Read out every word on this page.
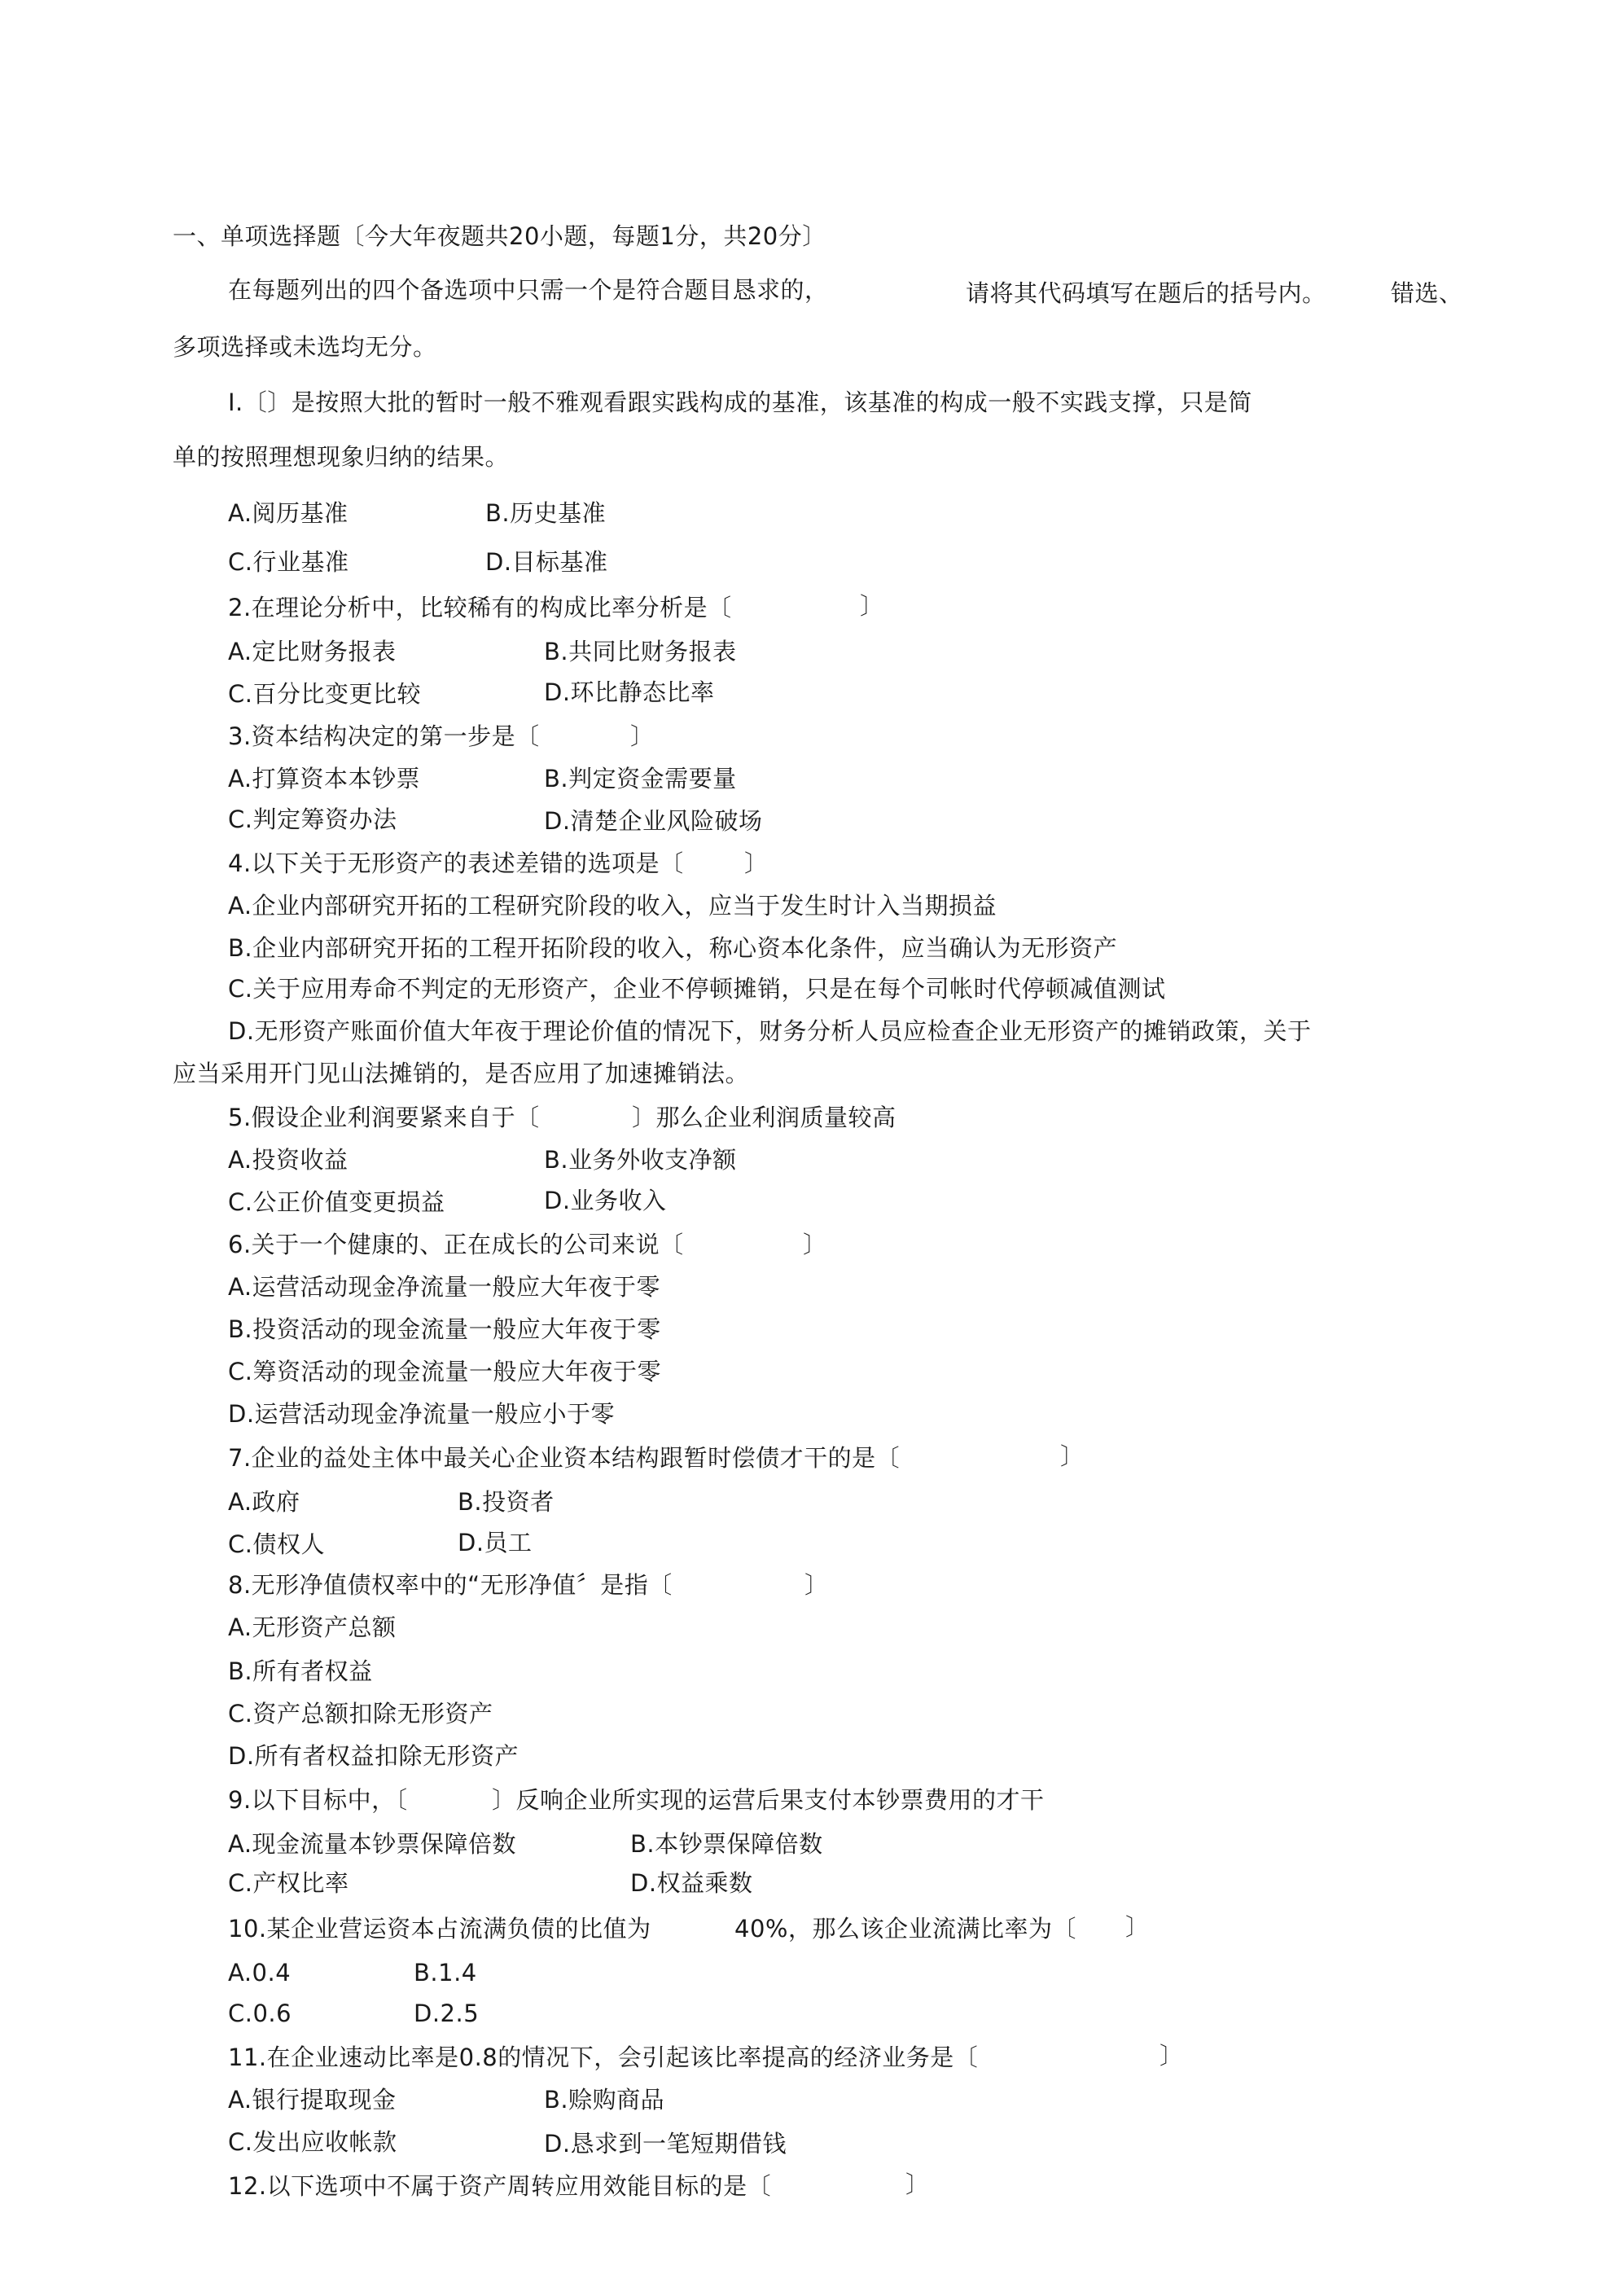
一、单项选择题〔今大年夜题共20小题，每题1分，共20分〕
在每题列出的四个备选项中只需一个是符合题目恳求的，	请将其代码填写在题后的括号内。	错选、
多项选择或未选均无分。
I.〔〕是按照大批的暂时一般不雅观看跟实践构成的基准，该基准的构成一般不实践支撑，只是简
单的按照理想现象归纳的结果。
A.阅历基准	B.历史基准
C.行业基准	D.目标基准
2.在理论分析中，比较稀有的构成比率分析是〔	〕
A.定比财务报表	B.共同比财务报表
C.百分比变更比较	D.环比静态比率
3.资本结构决定的第一步是〔	〕
A.打算资本本钞票	B.判定资金需要量
C.判定筹资办法	D.清楚企业风险破场
4.以下关于无形资产的表述差错的选项是〔	〕
A.企业内部研究开拓的工程研究阶段的收入，应当于发生时计入当期损益
B.企业内部研究开拓的工程开拓阶段的收入，称心资本化条件，应当确认为无形资产
C.关于应用寿命不判定的无形资产，企业不停顿摊销，只是在每个司帐时代停顿减值测试
D.无形资产账面价值大年夜于理论价值的情况下，财务分析人员应检查企业无形资产的摊销政策，关于
应当采用开门见山法摊销的，是否应用了加速摊销法。
5.假设企业利润要紧来自于〔	〕那么企业利润质量较高
A.投资收益	B.业务外收支净额
C.公正价值变更损益	D.业务收入
6.关于一个健康的、正在成长的公司来说〔	〕
A.运营活动现金净流量一般应大年夜于零
B.投资活动的现金流量一般应大年夜于零
C.筹资活动的现金流量一般应大年夜于零
D.运营活动现金净流量一般应小于零
7.企业的益处主体中最关心企业资本结构跟暂时偿债才干的是〔	〕
A.政府	B.投资者
C.债权人	D.员工
8.无形净值债权率中的“无形净值〞是指〔	〕
A.无形资产总额
B.所有者权益
C.资产总额扣除无形资产
D.所有者权益扣除无形资产
9.以下目标中，〔	〕反响企业所实现的运营后果支付本钞票费用的才干
A.现金流量本钞票保障倍数	B.本钞票保障倍数
C.产权比率	D.权益乘数
10.某企业营运资本占流满负债的比值为	40%，那么该企业流满比率为〔 〕
A.0.4	B.1.4
C.0.6	D.2.5
11.在企业速动比率是0.8的情况下，会引起该比率提高的经济业务是〔	〕
A.银行提取现金	B.赊购商品
C.发出应收帐款	D.恳求到一笔短期借钱
12.以下选项中不属于资产周转应用效能目标的是〔	〕
